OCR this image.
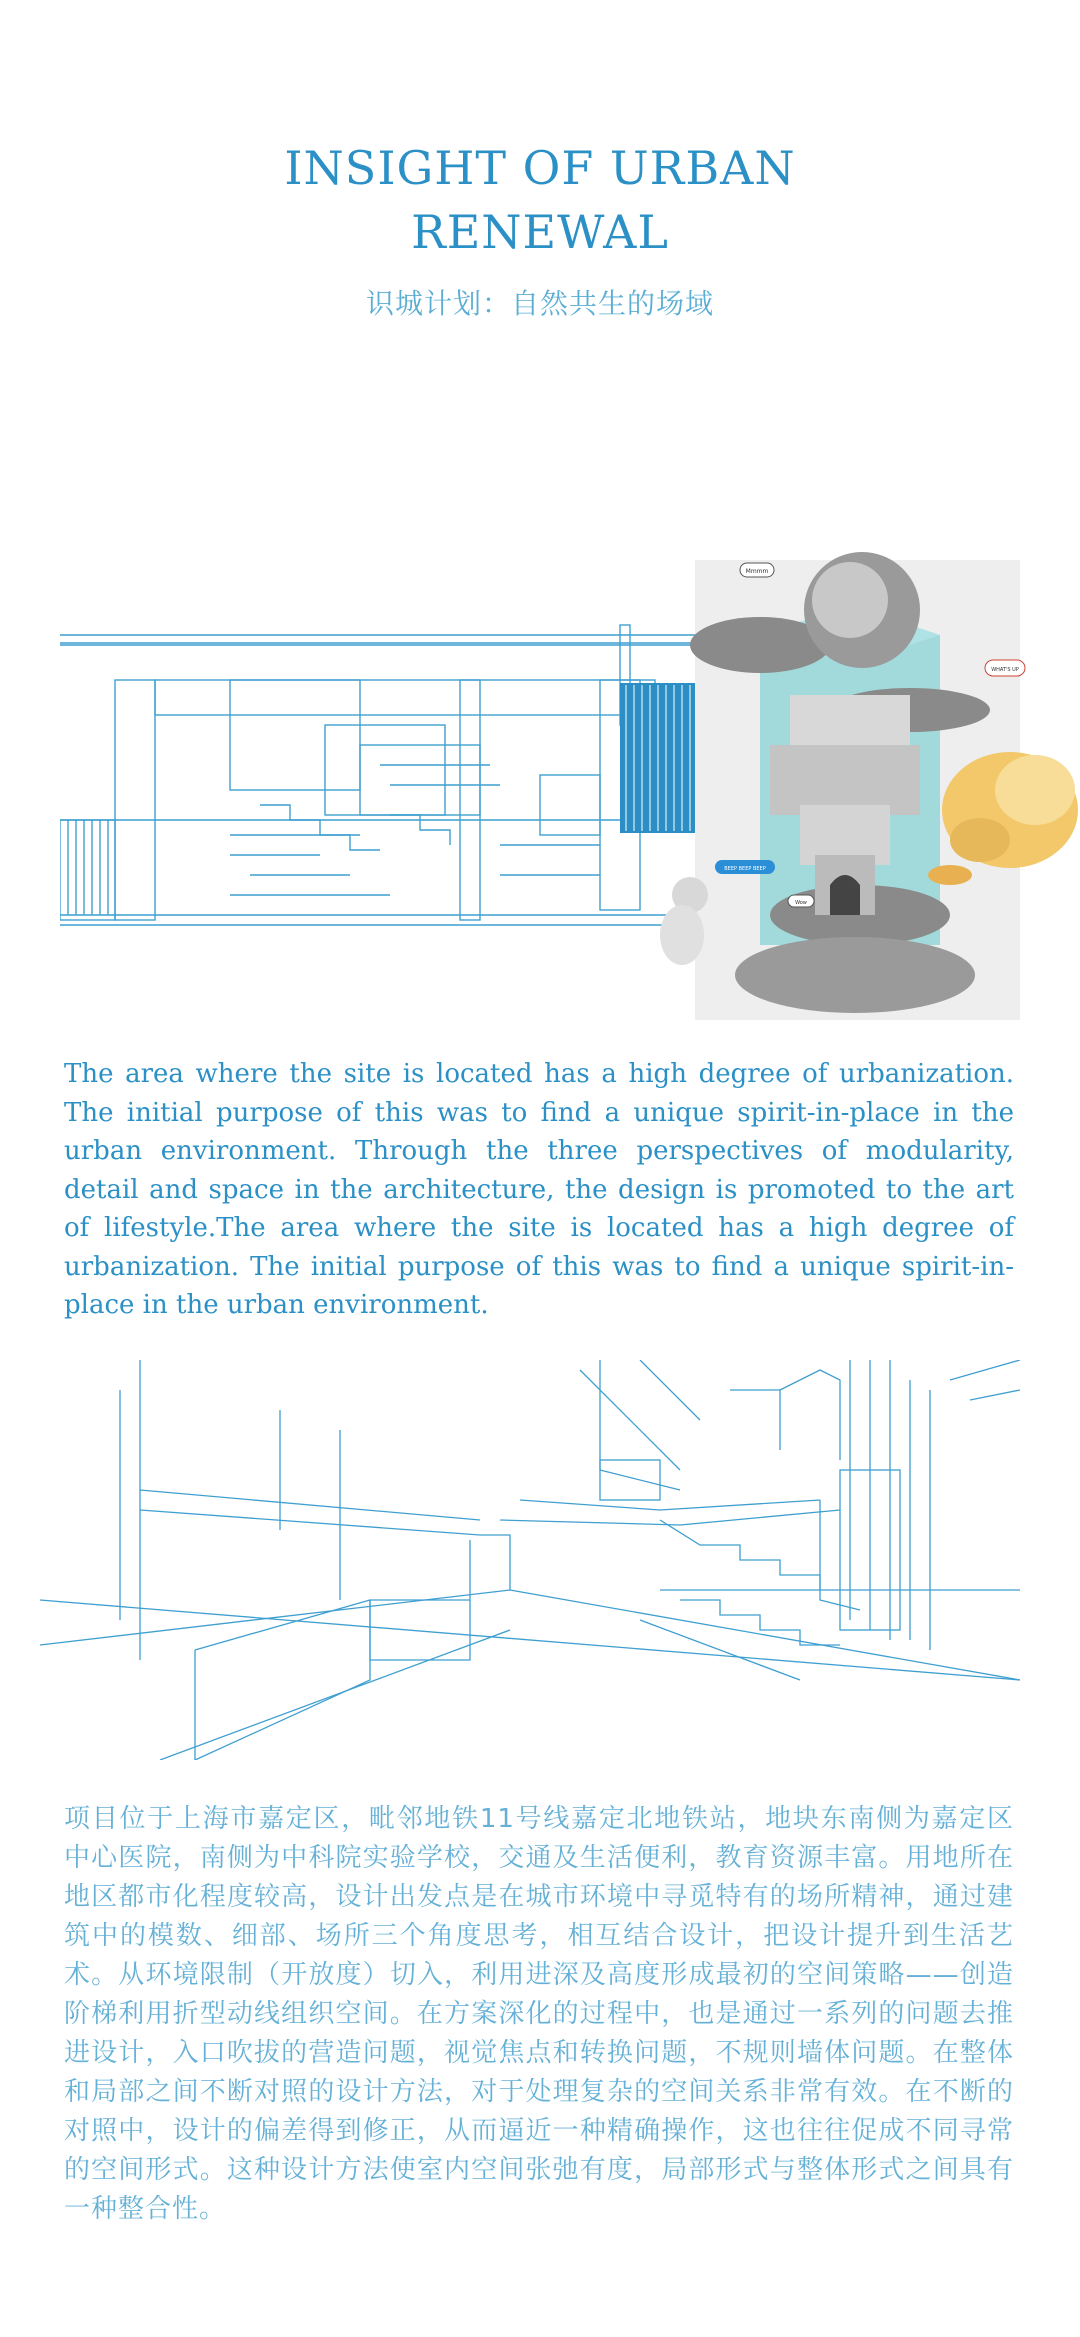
INSIGHT OF URBAN
RENEWAL
识城计划：自然共生的场域
Mmmm
WHAT'S UP
BEEP BEEP BEEP
Wow
The area where the site is located has a high degree of urbanization. The initial purpose of this was to find a unique spirit-in-place in the urban environment. Through the three perspectives of modularity, detail and space in the architecture, the design is promoted to the art of lifestyle.The area where the site is located has a high degree of urbanization. The initial purpose of this was to find a unique spirit-in-place in the urban environment.
项目位于上海市嘉定区，毗邻地铁11号线嘉定北地铁站，地块东南侧为嘉定区中心医院，南侧为中科院实验学校，交通及生活便利，教育资源丰富。用地所在地区都市化程度较高，设计出发点是在城市环境中寻觅特有的场所精神，通过建筑中的模数、细部、场所三个角度思考，相互结合设计，把设计提升到生活艺术。从环境限制（开放度）切入，利用进深及高度形成最初的空间策略——创造阶梯利用折型动线组织空间。在方案深化的过程中，也是通过一系列的问题去推进设计，入口吹拔的营造问题，视觉焦点和转换问题，不规则墙体问题。在整体和局部之间不断对照的设计方法，对于处理复杂的空间关系非常有效。在不断的对照中，设计的偏差得到修正，从而逼近一种精确操作，这也往往促成不同寻常的空间形式。这种设计方法使室内空间张弛有度，局部形式与整体形式之间具有一种整合性。
